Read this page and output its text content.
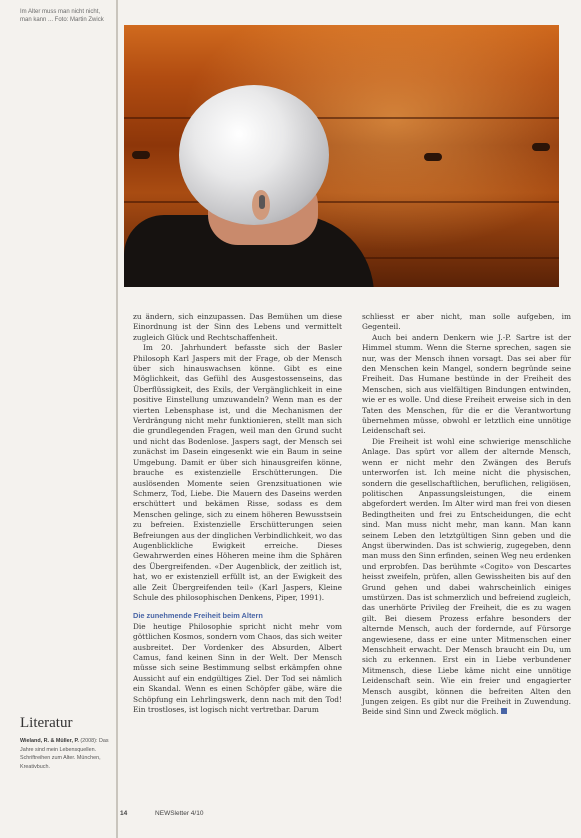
Im Alter muss man nicht nicht, man kann ... Foto: Martin Zwick
Literatur
Wieland, R. & Müller, P. (2008): Das Jahre sind mein Lebensquellen. Schriftreihen zum Alter. München, Kreativbuch.

zu ändern, sich einzupassen. Das Bemühen um diese Einordnung ist der Sinn des Lebens und vermittelt zugleich Glück und Rechtschaffenheit.

Im 20. Jahrhundert befasste sich der Basler Philosoph Karl Jaspers mit der Frage, ob der Mensch über sich hinauswachsen könne. Gibt es eine Möglichkeit, das Gefühl des Ausgestossenseins, das Überflüssigkeit, des Exils, der Vergänglichkeit in eine positive Einstellung umzuwandeln? Wenn man es der vierten Lebensphase ist, und die Mechanismen der Verdrängung nicht mehr funktionieren, stellt man sich die grundlegenden Fragen, weil man den Grund sucht und nicht das Bodenlose. Jaspers sagt, der Mensch sei zunächst im Dasein eingesenkt wie ein Baum in seine Umgebung. Damit er über sich hinausgreifen könne, brauche es existenzielle Erschütterungen. Die auslösenden Momente seien Grenzsituationen wie Schmerz, Tod, Liebe. Die Mauern des Daseins werden erschüttert und bekämen Risse, sodass es dem Menschen gelinge, sich zu einem höheren Bewusstsein zu befreien. Existenzielle Erschütterungen seien Befreiungen aus der dinglichen Verbindlichkeit, wo das Augenblickliche Ewigkeit erreiche. Dieses Gewahrwerden eines Höheren meine ihm die Sphären des Übergreifenden. «Der Augenblick, der zeitlich ist, hat, wo er existenziell erfüllt ist, an der Ewigkeit des alle Zeit Übergreifenden teil» (Karl Jaspers, Kleine Schule des philosophischen Denkens, Piper, 1991).

Die zunehmende Freiheit beim Altern

Die heutige Philosophie spricht nicht mehr vom göttlichen Kosmos, sondern vom Chaos, das sich weiter ausbreitet. Der Vordenker des Absurden, Albert Camus, fand keinen Sinn in der Welt. Der Mensch müsse sich seine Bestimmung selbst erkämpfen ohne Aussicht auf ein endgültiges Ziel. Der Tod sei nämlich ein Skandal. Wenn es einen Schöpfer gäbe, wäre die Schöpfung ein Lehrlingswerk, denn nach mit den Tod! Ein trostloses, ist logisch nicht vertretbar. Darum

schliesst er aber nicht, man solle aufgeben, im Gegenteil.

Auch bei andern Denkern wie J.-P. Sartre ist der Himmel stumm. Wenn die Sterne sprechen, sagen sie nur, was der Mensch ihnen vorsagt. Das sei aber für den Menschen kein Mangel, sondern begründe seine Freiheit. Das Humane bestünde in der Freiheit des Menschen, sich aus vielfältigen Bindungen entwinden, wie er es wolle. Und diese Freiheit erweise sich in den Taten des Menschen, für die er die Verantwortung übernehmen müsse, obwohl er letztlich eine unnötige Leidenschaft sei.

Die Freiheit ist wohl eine schwierige menschliche Anlage. Das spürt vor allem der alternde Mensch, wenn er nicht mehr den Zwängen des Berufs unterworfen ist. Ich meine nicht die physischen, sondern die gesellschaftlichen, beruflichen, religiösen, politischen Anpassungsleistungen, die einem abgefordert werden. Im Alter wird man frei von diesen Bedingtheiten und frei zu Entscheidungen, die echt sind. Man muss nicht mehr, man kann. Man kann seinem Leben den letztgültigen Sinn geben und die Angst überwinden. Das ist schwierig, zugegeben, denn man muss den Sinn erfinden, seinen Weg neu erdenken und erprobfen. Das berühmte «Cogito» von Descartes heisst zweifeln, prüfen, allen Gewissheiten bis auf den Grund gehen und dabei wahrscheinlich einiges umstürzen. Das ist schmerzlich und befreiend zugleich, das unerhörte Privileg der Freiheit, die es zu wagen gilt. Bei diesem Prozess erfahre besonders der alternde Mensch, auch der fordernde, auf Fürsorge angewiesene, dass er eine unter Mitmenschen einer Menschheit erwacht. Der Mensch braucht ein Du, um sich zu erkennen. Erst ein in Liebe verbundener Mitmensch, diese Liebe käme nicht eine unnötige Leidenschaft sein. Wie ein freier und engagierter Mensch ausgibt, können die befreiten Alten den Jungen zeigen. Es gibt nur die Freiheit in Zuwendung. Beide sind Sinn und Zweck möglich.

14	NEWSletter 4/10
